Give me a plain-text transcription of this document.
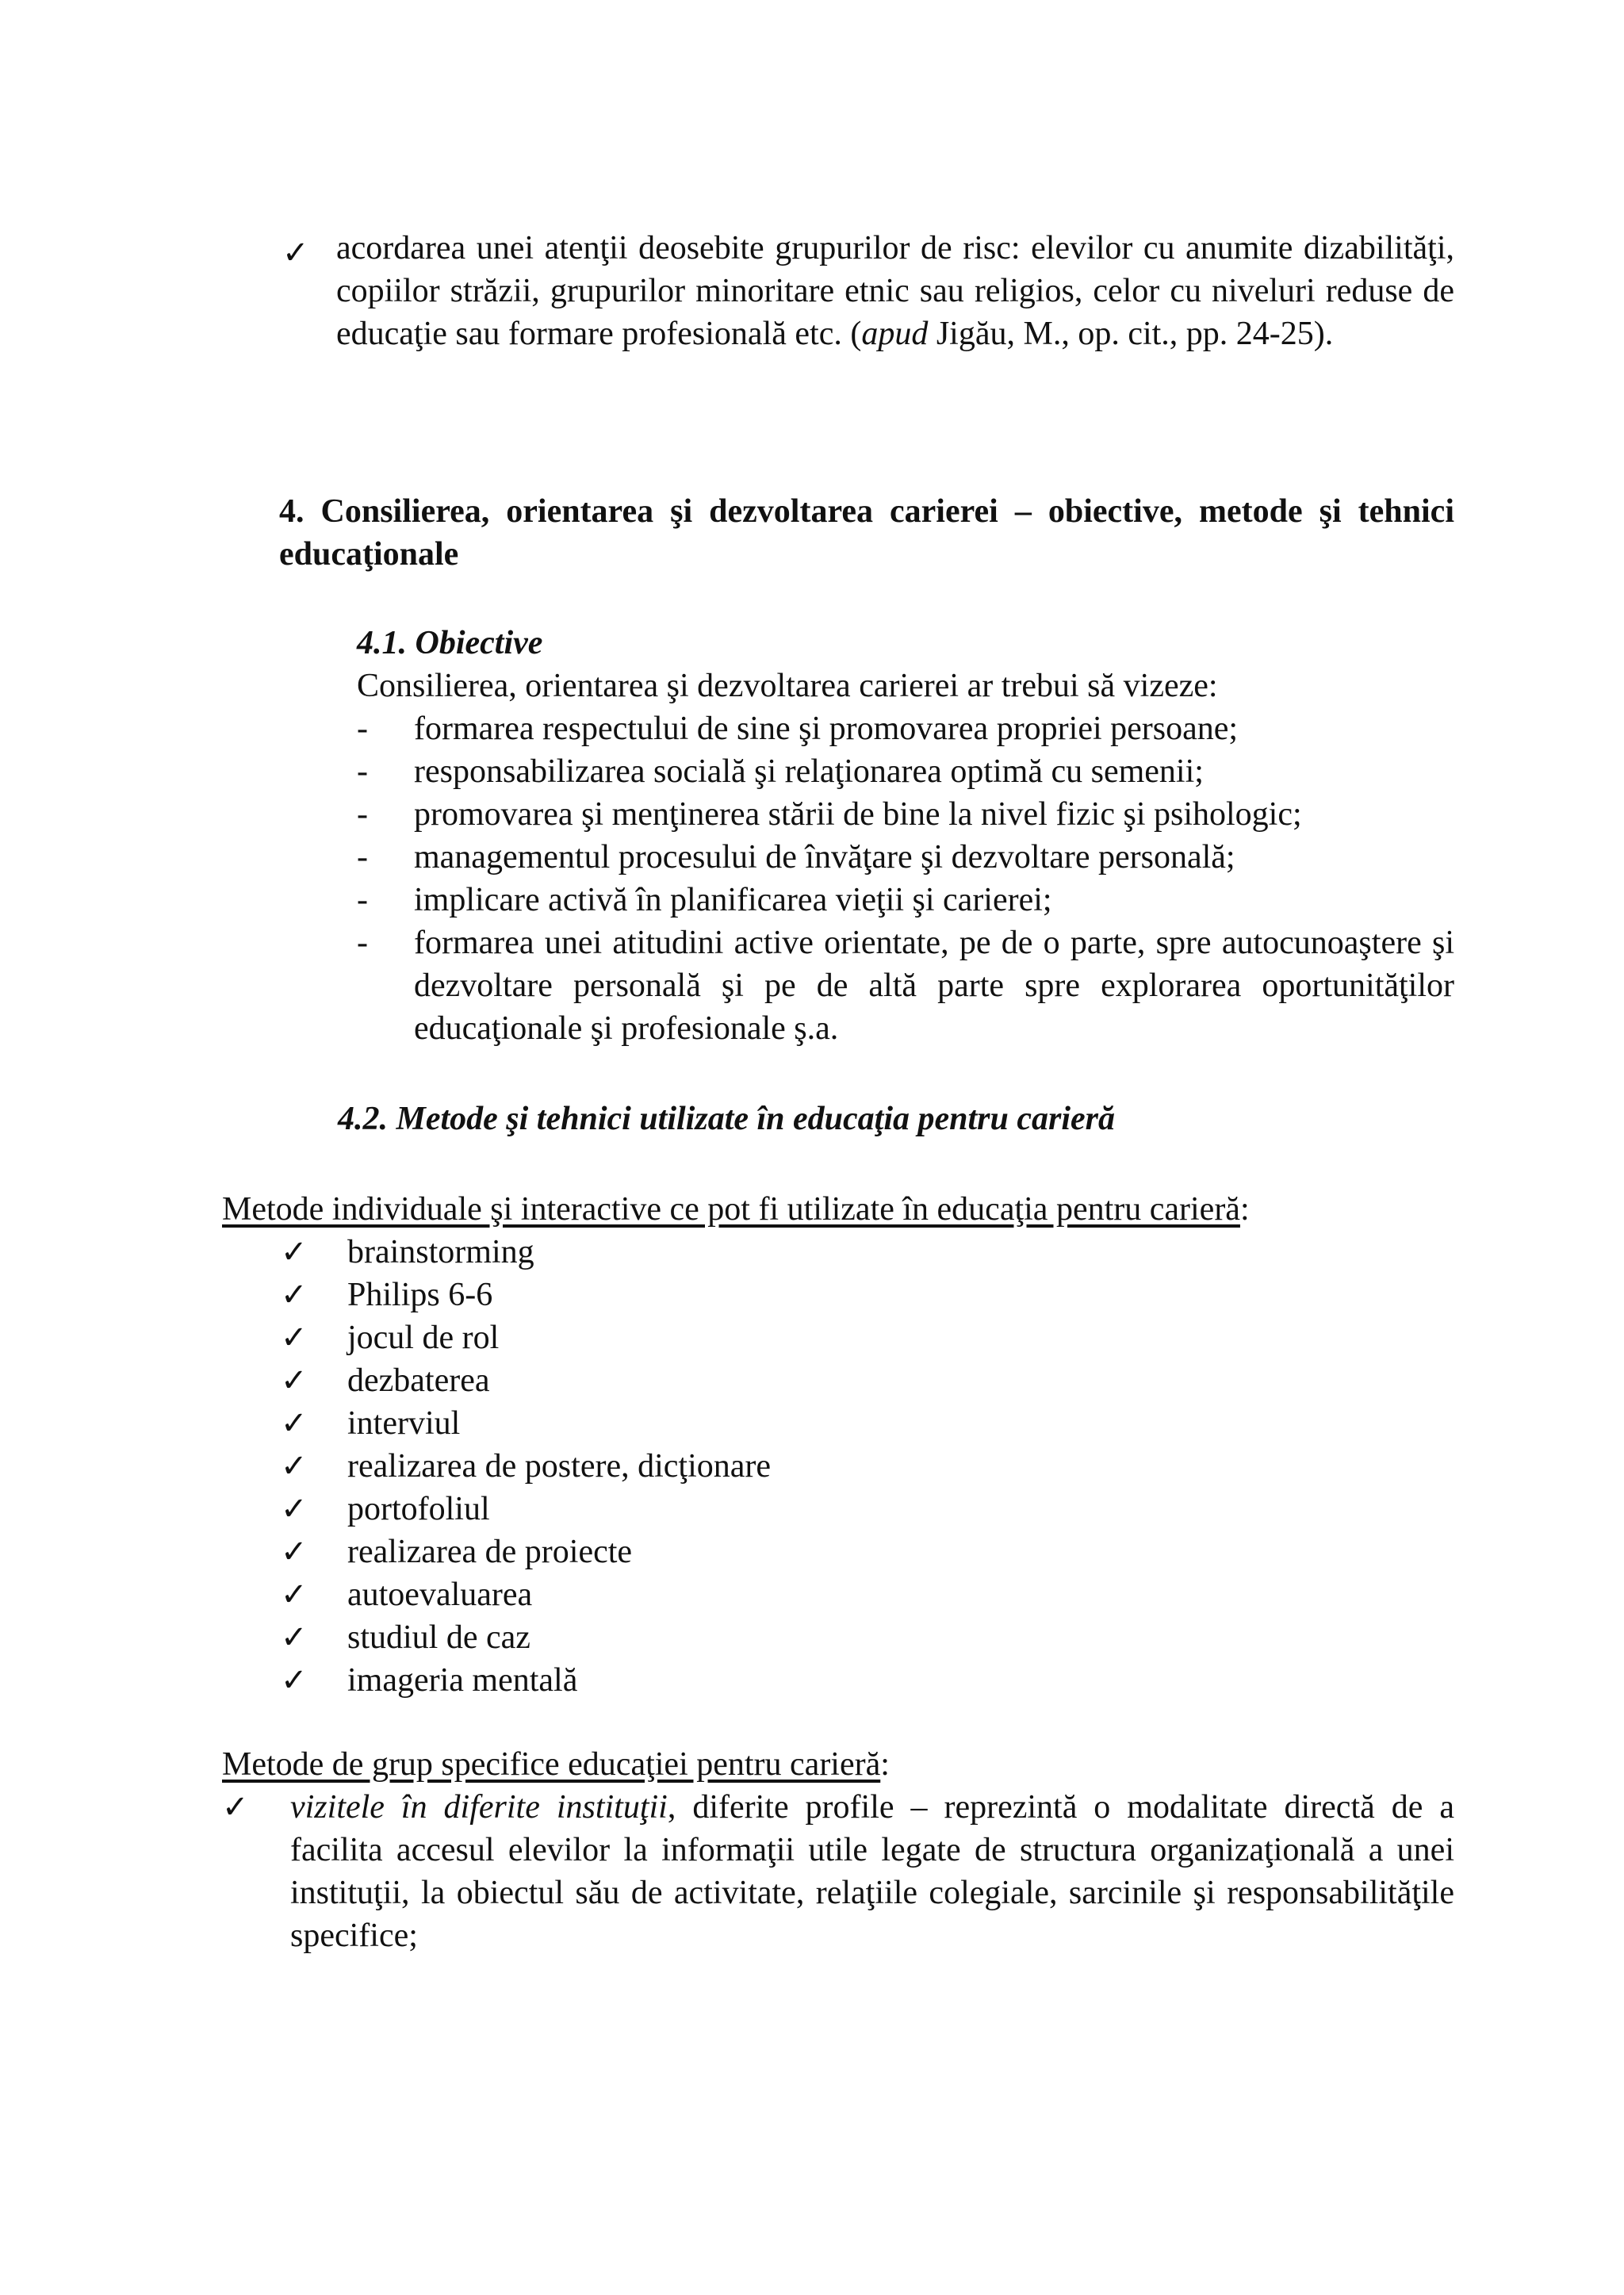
✓ acordarea unei atenţii deosebite grupurilor de risc: elevilor cu anumite dizabilităţi, copiilor străzii, grupurilor minoritare etnic sau religios, celor cu niveluri reduse de educaţie sau formare profesională etc. (apud Jigău, M., op. cit., pp. 24-25).
4. Consilierea, orientarea şi dezvoltarea carierei – obiective, metode şi tehnici educaţionale
4.1. Obiective
Consilierea, orientarea şi dezvoltarea carierei ar trebui să vizeze:
- formarea respectului de sine şi promovarea propriei persoane;
- responsabilizarea socială şi relaţionarea optimă cu semenii;
- promovarea şi menţinerea stării de bine la nivel fizic şi psihologic;
- managementul procesului de învăţare şi dezvoltare personală;
- implicare activă în planificarea vieţii şi carierei;
- formarea unei atitudini active orientate, pe de o parte, spre autocunoaştere şi dezvoltare personală şi pe de altă parte spre explorarea oportunităţilor educaţionale şi profesionale ş.a.
4.2. Metode şi tehnici utilizate în educaţia pentru carieră
Metode individuale şi interactive ce pot fi utilizate în educaţia pentru carieră:
✓ brainstorming
✓ Philips 6-6
✓ jocul de rol
✓ dezbaterea
✓ interviul
✓ realizarea de postere, dicţionare
✓ portofoliul
✓ realizarea de proiecte
✓ autoevaluarea
✓ studiul de caz
✓ imageria mentală
Metode de grup specifice educaţiei pentru carieră:
✓ vizitele în diferite instituţii, diferite profile – reprezintă o modalitate directă de a facilita accesul elevilor la informaţii utile legate de structura organizaţională a unei instituţii, la obiectul său de activitate, relaţiile colegiale, sarcinile şi responsabilităţile specifice;
